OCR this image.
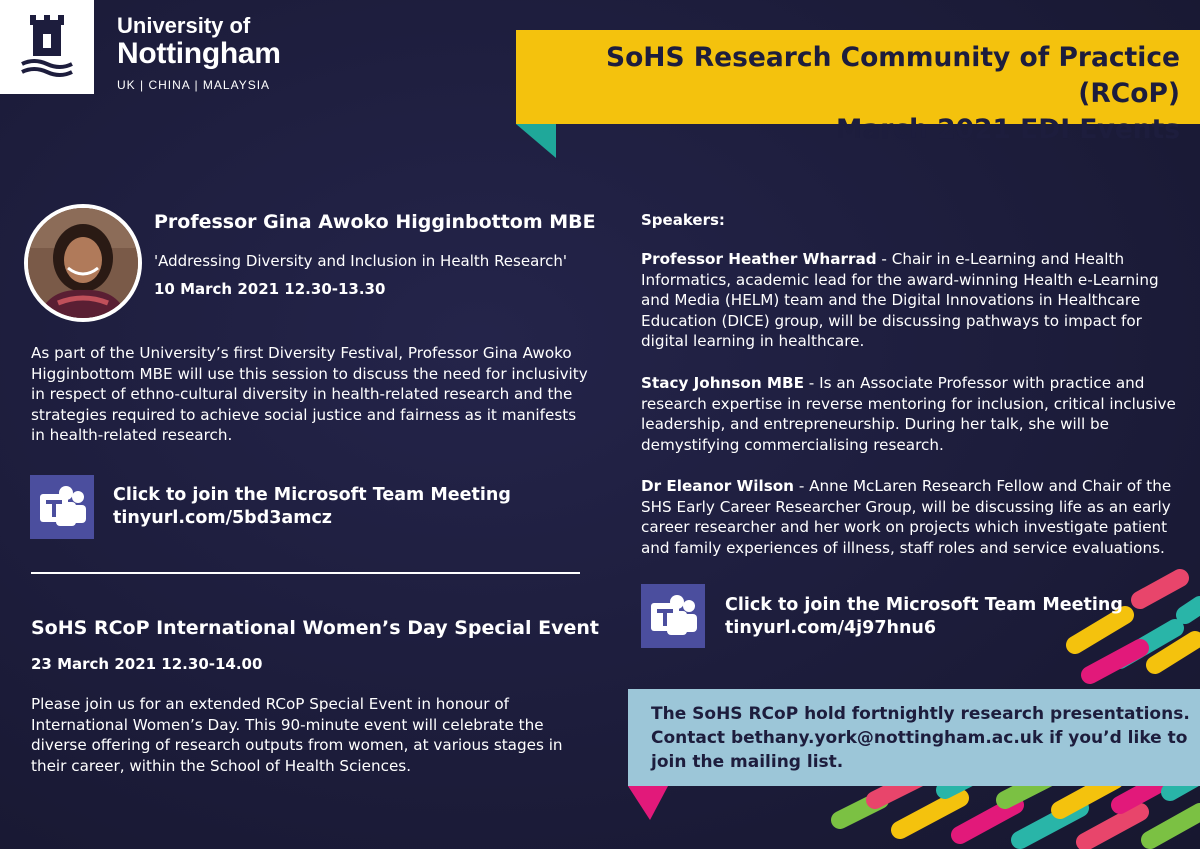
University of
Nottingham
UK | CHINA | MALAYSIA
SoHS Research Community of Practice (RCoP)
March 2021 EDI Events
Professor Gina Awoko Higginbottom MBE
'Addressing Diversity and Inclusion in Health Research'
10 March 2021 12.30-13.30
As part of the University’s first Diversity Festival, Professor Gina Awoko Higginbottom MBE will use this session to discuss the need for inclusivity in respect of ethno-cultural diversity in health-related research and the strategies required to achieve social justice and fairness as it manifests in health-related research.
Click to join the Microsoft Team Meeting
tinyurl.com/5bd3amcz
SoHS RCoP International Women’s Day Special Event
23 March 2021 12.30-14.00
Please join us for an extended RCoP Special Event in honour of International Women’s Day. This 90-minute event will celebrate the diverse offering of research outputs from women, at various stages in their career, within the School of Health Sciences.
Speakers:
Professor Heather Wharrad - Chair in e-Learning and Health Informatics, academic lead for the award-winning Health e-Learning and Media (HELM) team and the Digital Innovations in Healthcare Education (DICE) group, will be discussing pathways to impact for digital learning in healthcare.
Stacy Johnson MBE - Is an Associate Professor with practice and research expertise in reverse mentoring for inclusion, critical inclusive leadership, and entrepreneurship. During her talk, she will be demystifying commercialising research.
Dr Eleanor Wilson - Anne McLaren Research Fellow and Chair of the SHS Early Career Researcher Group, will be discussing life as an early career researcher and her work on projects which investigate patient and family experiences of illness, staff roles and service evaluations.
Click to join the Microsoft Team Meeting
tinyurl.com/4j97hnu6
The SoHS RCoP hold fortnightly research presentations. Contact bethany.york@nottingham.ac.uk if you’d like to join the mailing list.
